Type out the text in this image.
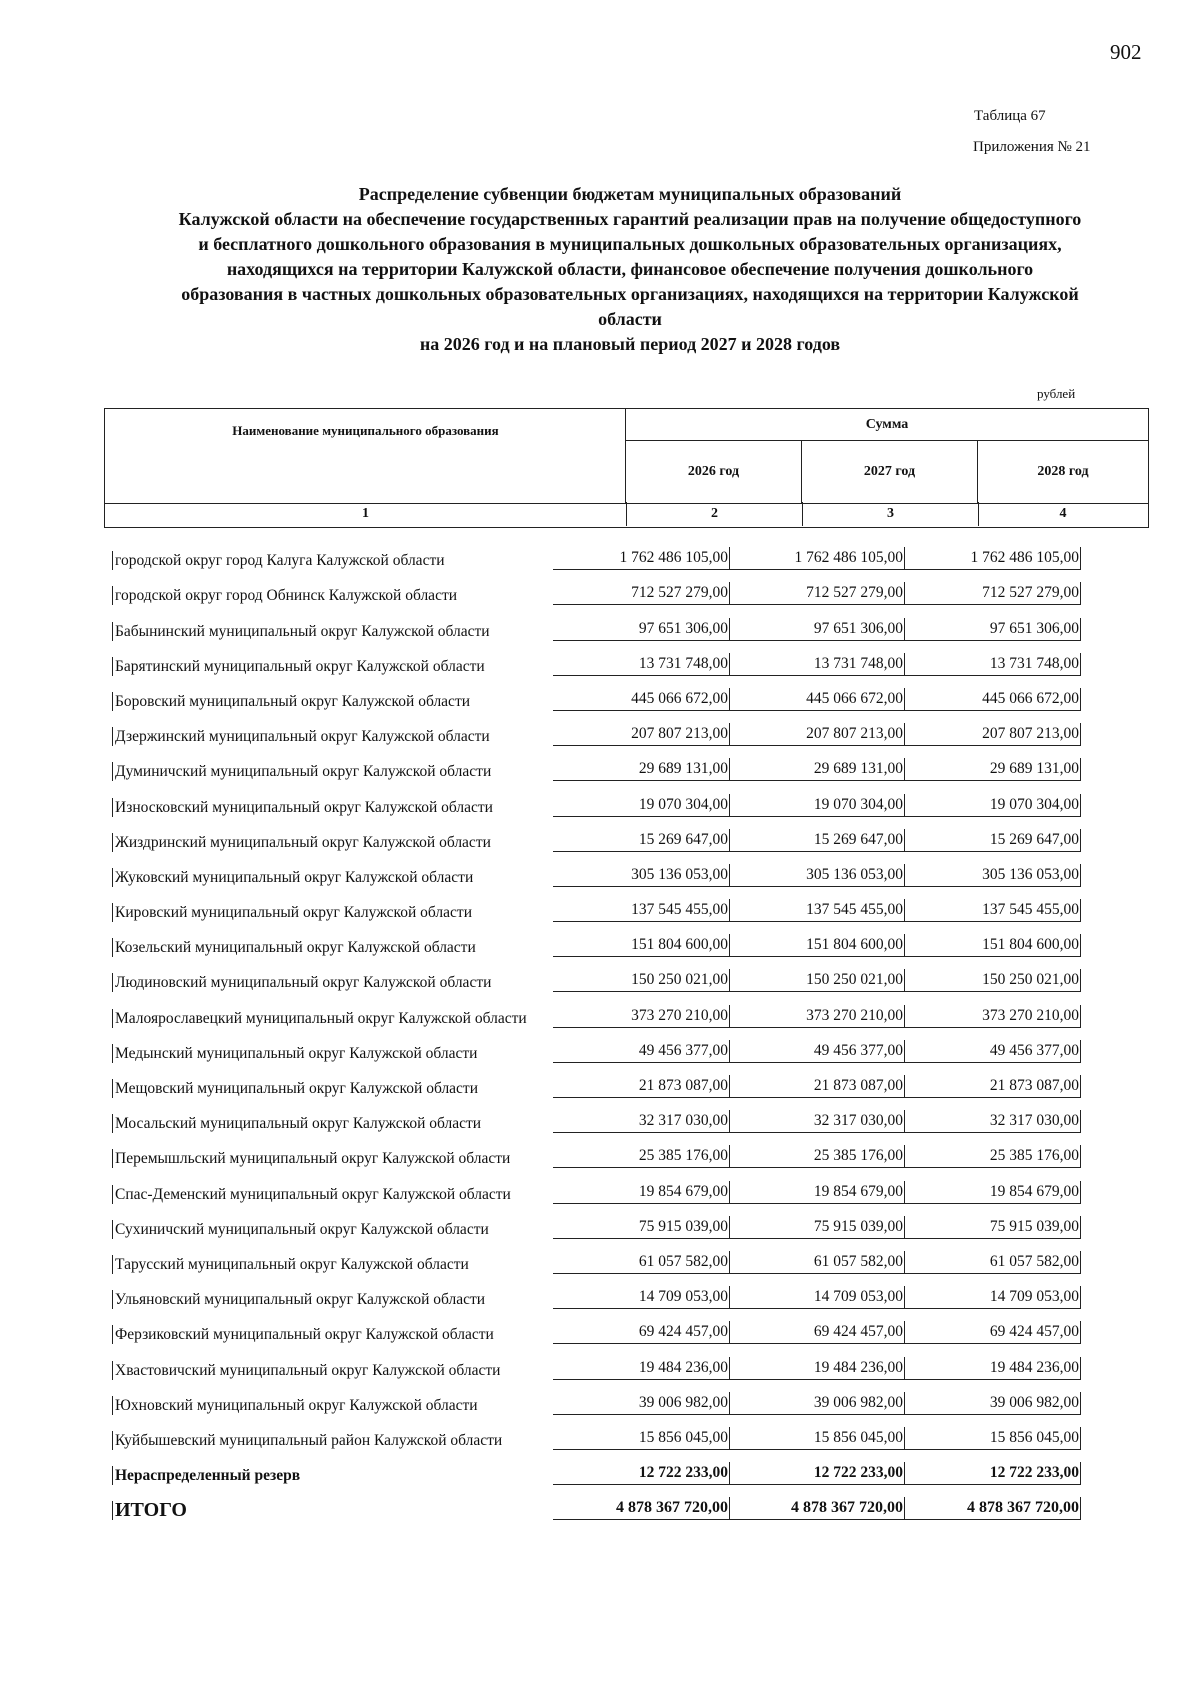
902
Таблица 67
Приложения № 21
Распределение субвенции бюджетам муниципальных образований
Калужской области на обеспечение государственных гарантий реализации прав на получение общедоступного
и бесплатного дошкольного образования в муниципальных дошкольных образовательных организациях,
находящихся на территории Калужской области, финансовое обеспечение получения дошкольного
образования в частных дошкольных образовательных организациях, находящихся на территории Калужской
области
на 2026 год и на плановый период 2027 и 2028 годов
рублей
Наименование муниципального образования	Сумма
2026 год	2027 год	2028 год
1	2	3	4
городской округ город Калуга Калужской области	1 762 486 105,00	1 762 486 105,00	1 762 486 105,00
городской округ город Обнинск Калужской области	712 527 279,00	712 527 279,00	712 527 279,00
Бабынинский муниципальный округ Калужской области	97 651 306,00	97 651 306,00	97 651 306,00
Барятинский муниципальный округ Калужской области	13 731 748,00	13 731 748,00	13 731 748,00
Боровский муниципальный округ Калужской области	445 066 672,00	445 066 672,00	445 066 672,00
Дзержинский муниципальный округ Калужской области	207 807 213,00	207 807 213,00	207 807 213,00
Думиничский муниципальный округ Калужской области	29 689 131,00	29 689 131,00	29 689 131,00
Износковский муниципальный округ Калужской области	19 070 304,00	19 070 304,00	19 070 304,00
Жиздринский муниципальный округ Калужской области	15 269 647,00	15 269 647,00	15 269 647,00
Жуковский муниципальный округ Калужской области	305 136 053,00	305 136 053,00	305 136 053,00
Кировский муниципальный округ Калужской области	137 545 455,00	137 545 455,00	137 545 455,00
Козельский муниципальный округ Калужской области	151 804 600,00	151 804 600,00	151 804 600,00
Людиновский муниципальный округ Калужской области	150 250 021,00	150 250 021,00	150 250 021,00
Малоярославецкий муниципальный округ Калужской области	373 270 210,00	373 270 210,00	373 270 210,00
Медынский муниципальный округ Калужской области	49 456 377,00	49 456 377,00	49 456 377,00
Мещовский муниципальный округ Калужской области	21 873 087,00	21 873 087,00	21 873 087,00
Мосальский муниципальный округ Калужской области	32 317 030,00	32 317 030,00	32 317 030,00
Перемышльский муниципальный округ Калужской области	25 385 176,00	25 385 176,00	25 385 176,00
Спас-Деменский муниципальный округ Калужской области	19 854 679,00	19 854 679,00	19 854 679,00
Сухиничский муниципальный округ Калужской области	75 915 039,00	75 915 039,00	75 915 039,00
Тарусский муниципальный округ Калужской области	61 057 582,00	61 057 582,00	61 057 582,00
Ульяновский муниципальный округ Калужской области	14 709 053,00	14 709 053,00	14 709 053,00
Ферзиковский муниципальный округ Калужской области	69 424 457,00	69 424 457,00	69 424 457,00
Хвастовичский муниципальный округ Калужской области	19 484 236,00	19 484 236,00	19 484 236,00
Юхновский муниципальный округ Калужской области	39 006 982,00	39 006 982,00	39 006 982,00
Куйбышевский муниципальный район Калужской области	15 856 045,00	15 856 045,00	15 856 045,00
Нераспределенный резерв	12 722 233,00	12 722 233,00	12 722 233,00
ИТОГО	4 878 367 720,00	4 878 367 720,00	4 878 367 720,00
